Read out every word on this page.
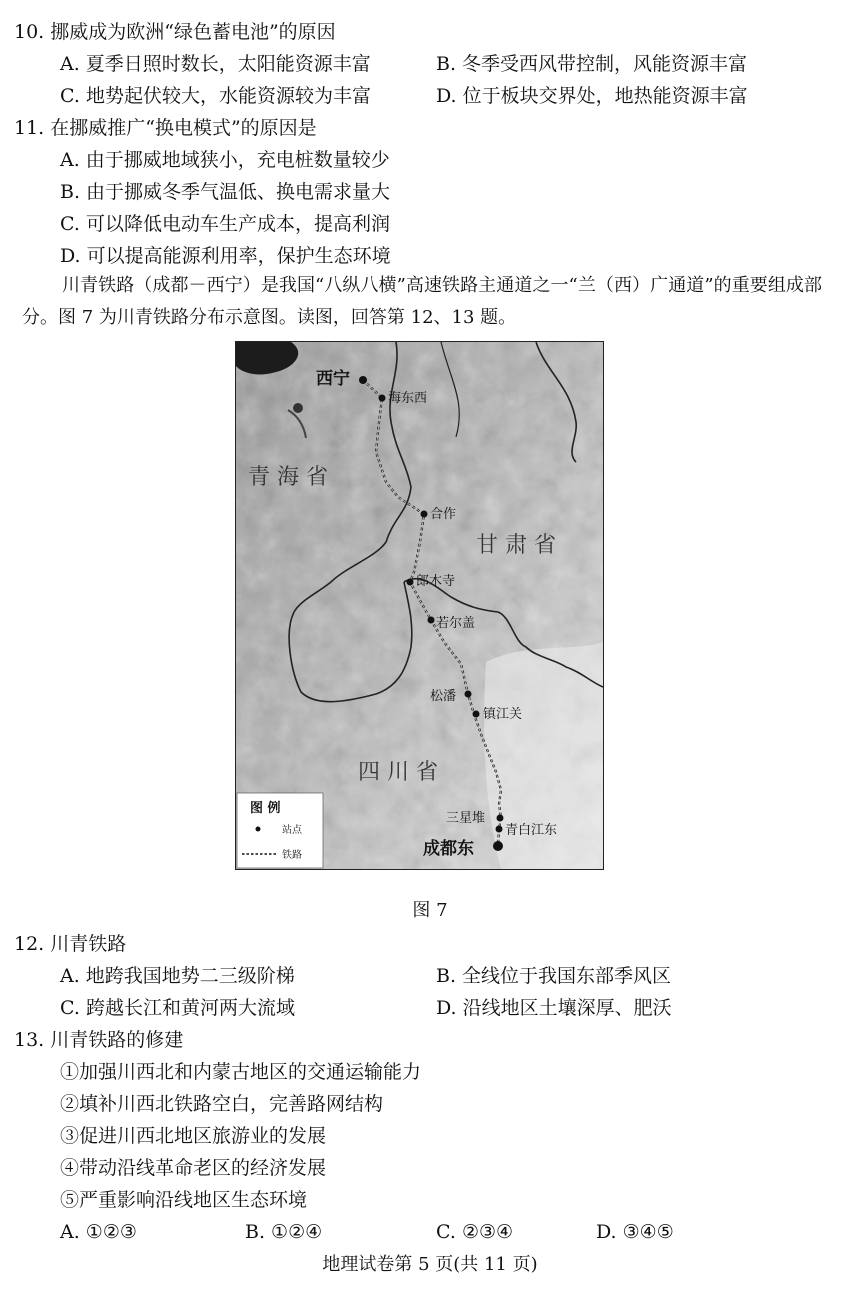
10. 挪威成为欧洲“绿色蓄电池”的原因
A. 夏季日照时数长，太阳能资源丰富	B. 冬季受西风带控制，风能资源丰富
C. 地势起伏较大，水能资源较为丰富	D. 位于板块交界处，地热能资源丰富
11. 在挪威推广“换电模式”的原因是
A. 由于挪威地域狭小，充电桩数量较少
B. 由于挪威冬季气温低、换电需求量大
C. 可以降低电动车生产成本，提高利润
D. 可以提高能源利用率，保护生态环境
川青铁路（成都－西宁）是我国“八纵八横”高速铁路主通道之一“兰（西）广通道”的重要组成部分。图 7 为川青铁路分布示意图。读图，回答第 12、13 题。
青 海 省
甘 肃 省
四 川 省
西宁
海东西
合作
郎木寺
若尔盖
松潘
镇江关
三星堆
青白江东
成都东
图 例
站点
铁路
图 7
12. 川青铁路
A. 地跨我国地势二三级阶梯	B. 全线位于我国东部季风区
C. 跨越长江和黄河两大流域	D. 沿线地区土壤深厚、肥沃
13. 川青铁路的修建
①加强川西北和内蒙古地区的交通运输能力
②填补川西北铁路空白，完善路网结构
③促进川西北地区旅游业的发展
④带动沿线革命老区的经济发展
⑤严重影响沿线地区生态环境
A. ①②③	B. ①②④	C. ②③④	D. ③④⑤
地理试卷第 5 页(共 11 页)
